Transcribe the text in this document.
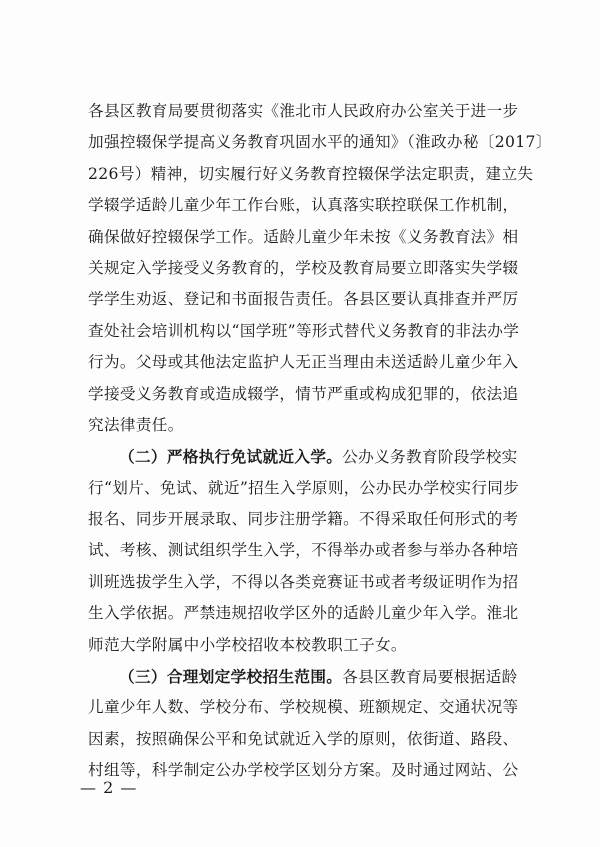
各县区教育局要贯彻落实《淮北市人民政府办公室关于进一步
加强控辍保学提高义务教育巩固水平的通知》（淮政办秘〔2017〕
226号）精神，切实履行好义务教育控辍保学法定职责，建立失
学辍学适龄儿童少年工作台账，认真落实联控联保工作机制，
确保做好控辍保学工作。适龄儿童少年未按《义务教育法》相
关规定入学接受义务教育的，学校及教育局要立即落实失学辍
学学生劝返、登记和书面报告责任。各县区要认真排查并严厉
查处社会培训机构以“国学班”等形式替代义务教育的非法办学
行为。父母或其他法定监护人无正当理由未送适龄儿童少年入
学接受义务教育或造成辍学，情节严重或构成犯罪的，依法追
究法律责任。
（二）严格执行免试就近入学。公办义务教育阶段学校实
行“划片、免试、就近”招生入学原则，公办民办学校实行同步
报名、同步开展录取、同步注册学籍。不得采取任何形式的考
试、考核、测试组织学生入学，不得举办或者参与举办各种培
训班选拔学生入学，不得以各类竞赛证书或者考级证明作为招
生入学依据。严禁违规招收学区外的适龄儿童少年入学。淮北
师范大学附属中小学校招收本校教职工子女。
（三）合理划定学校招生范围。各县区教育局要根据适龄
儿童少年人数、学校分布、学校规模、班额规定、交通状况等
因素，按照确保公平和免试就近入学的原则，依街道、路段、
村组等，科学制定公办学校学区划分方案。及时通过网站、公
— 2 —
